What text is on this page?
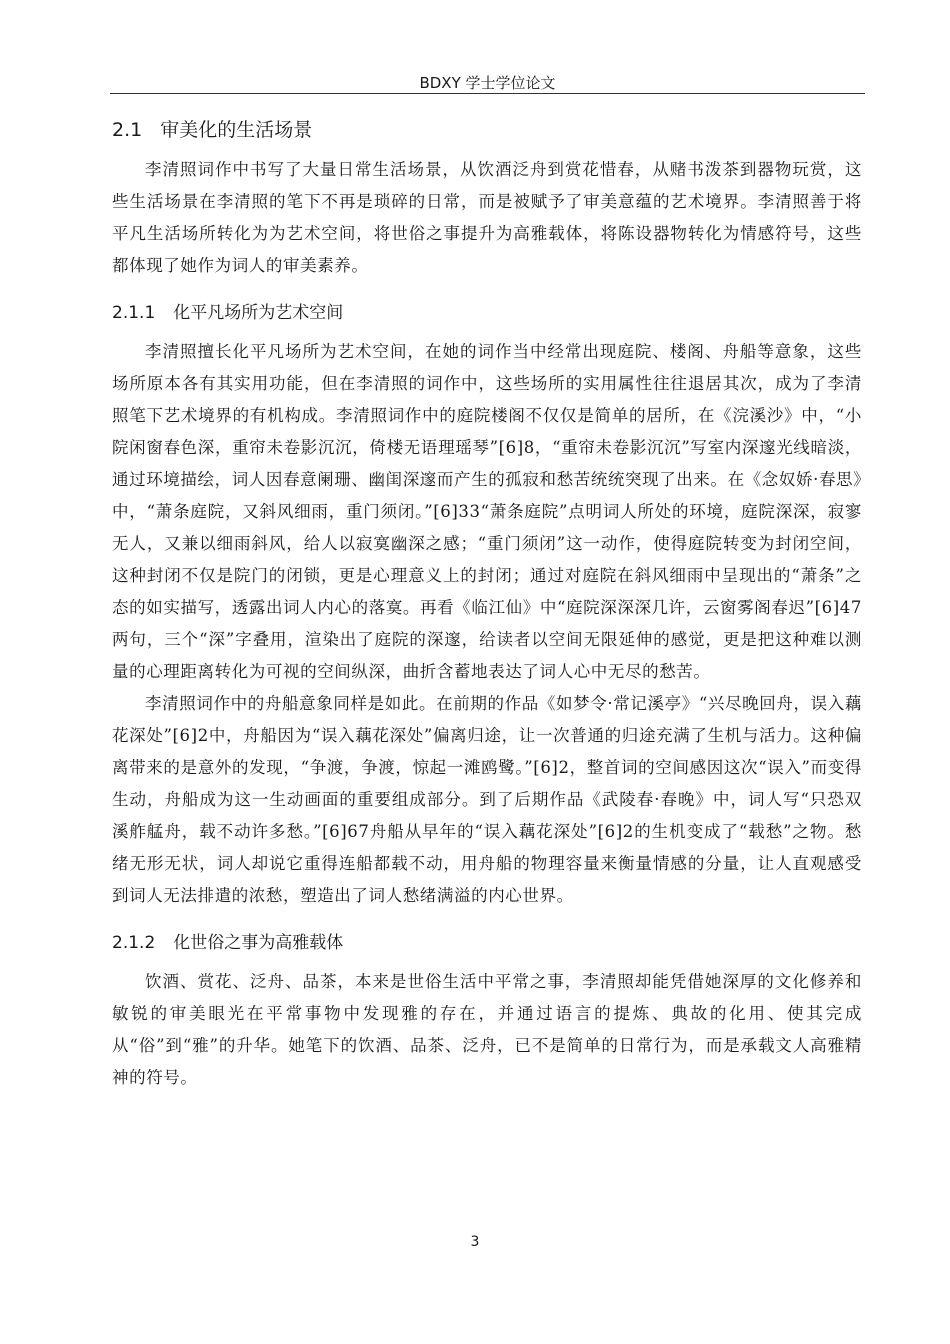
BDXY 学士学位论文
2.1 审美化的生活场景

李清照词作中书写了大量日常生活场景，从饮酒泛舟到赏花惜春，从赌书泼茶到器物玩赏，这些生活场景在李清照的笔下不再是琐碎的日常，而是被赋予了审美意蕴的艺术境界。李清照善于将平凡生活场所转化为为艺术空间，将世俗之事提升为高雅载体，将陈设器物转化为情感符号，这些都体现了她作为词人的审美素养。

2.1.1 化平凡场所为艺术空间

李清照擅长化平凡场所为艺术空间，在她的词作当中经常出现庭院、楼阁、舟船等意象，这些场所原本各有其实用功能，但在李清照的词作中，这些场所的实用属性往往退居其次，成为了李清照笔下艺术境界的有机构成。李清照词作中的庭院楼阁不仅仅是简单的居所，在《浣溪沙》中，“小院闲窗春色深，重帘未卷影沉沉，倚楼无语理瑶琴”[6]8，“重帘未卷影沉沉”写室内深邃光线暗淡，通过环境描绘，词人因春意阑珊、幽闺深邃而产生的孤寂和愁苦统统突现了出来。在《念奴娇·春思》中，“萧条庭院，又斜风细雨，重门须闭。”[6]33“萧条庭院”点明词人所处的环境，庭院深深，寂寥无人，又兼以细雨斜风，给人以寂寞幽深之感；“重门须闭”这一动作，使得庭院转变为封闭空间，这种封闭不仅是院门的闭锁，更是心理意义上的封闭；通过对庭院在斜风细雨中呈现出的“萧条”之态的如实描写，透露出词人内心的落寞。再看《临江仙》中“庭院深深深几许，云窗雾阁春迟”[6]47两句，三个“深”字叠用，渲染出了庭院的深邃，给读者以空间无限延伸的感觉，更是把这种难以测量的心理距离转化为可视的空间纵深，曲折含蓄地表达了词人心中无尽的愁苦。

李清照词作中的舟船意象同样是如此。在前期的作品《如梦令·常记溪亭》“兴尽晚回舟，误入藕花深处”[6]2中，舟船因为“误入藕花深处”偏离归途，让一次普通的归途充满了生机与活力。这种偏离带来的是意外的发现，“争渡，争渡，惊起一滩鸥鹭。”[6]2，整首词的空间感因这次“误入”而变得生动，舟船成为这一生动画面的重要组成部分。到了后期作品《武陵春·春晚》中，词人写“只恐双溪舴艋舟，载不动许多愁。”[6]67舟船从早年的“误入藕花深处”[6]2的生机变成了“载愁”之物。愁绪无形无状，词人却说它重得连船都载不动，用舟船的物理容量来衡量情感的分量，让人直观感受到词人无法排遣的浓愁，塑造出了词人愁绪满溢的内心世界。

2.1.2 化世俗之事为高雅载体

饮酒、赏花、泛舟、品茶，本来是世俗生活中平常之事，李清照却能凭借她深厚的文化修养和敏锐的审美眼光在平常事物中发现雅的存在，并通过语言的提炼、典故的化用、使其完成从“俗”到“雅”的升华。她笔下的饮酒、品茶、泛舟，已不是简单的日常行为，而是承载文人高雅精神的符号。

3
